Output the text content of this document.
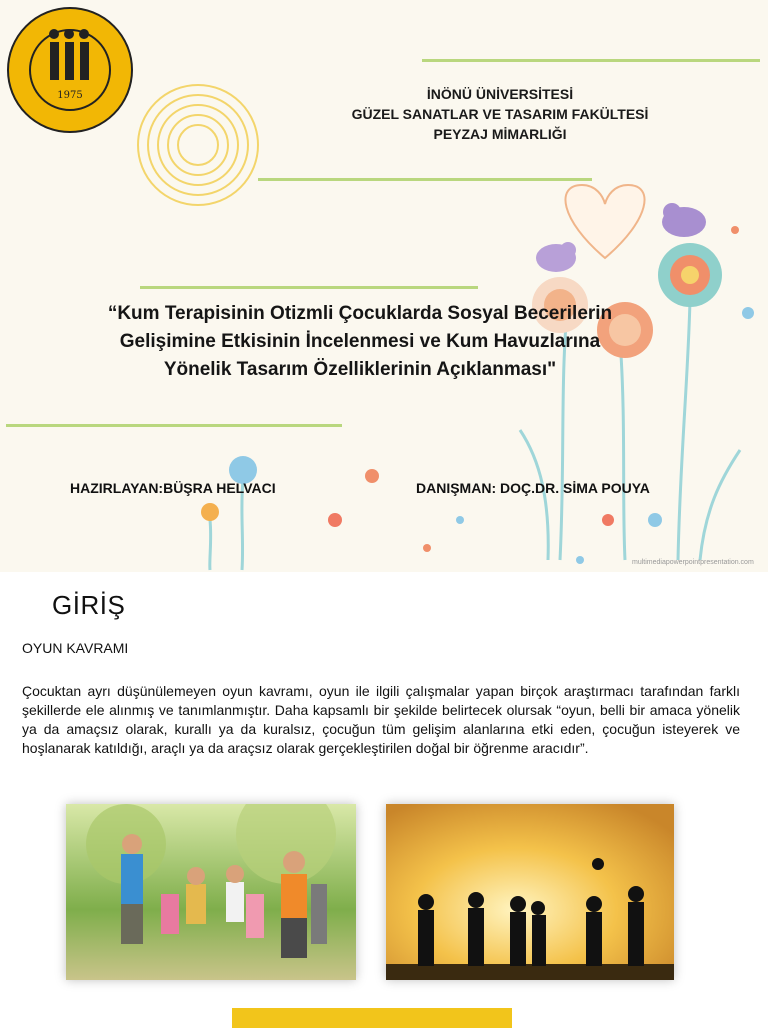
1975	İNÖNÜ ÜNİVERSİTESİ
GÜZEL SANATLAR VE TASARIM FAKÜLTESİ
PEYZAJ MİMARLIĞI
“Kum Terapisinin Otizmli Çocuklarda Sosyal Becerilerin
Gelişimine Etkisinin İncelenmesi ve Kum Havuzlarına
Yönelik Tasarım Özelliklerinin Açıklanması"
HAZIRLAYAN:BÜŞRA HELVACI	DANIŞMAN: DOÇ.DR. SİMA POUYA
multimediapowerpointpresentation.com
GİRİŞ
OYUN KAVRAMI
Çocuktan ayrı düşünülemeyen oyun kavramı, oyun ile ilgili çalışmalar yapan birçok araştırmacı tarafından farklı şekillerde ele alınmış ve tanımlanmıştır. Daha kapsamlı bir şekilde belirtecek olursak “oyun, belli bir amaca yönelik ya da amaçsız olarak, kurallı ya da kuralsız, çocuğun tüm gelişim alanlarına etki eden, çocuğun isteyerek ve hoşlanarak katıldığı, araçlı ya da araçsız olarak gerçekleştirilen doğal bir öğrenme aracıdır”.
